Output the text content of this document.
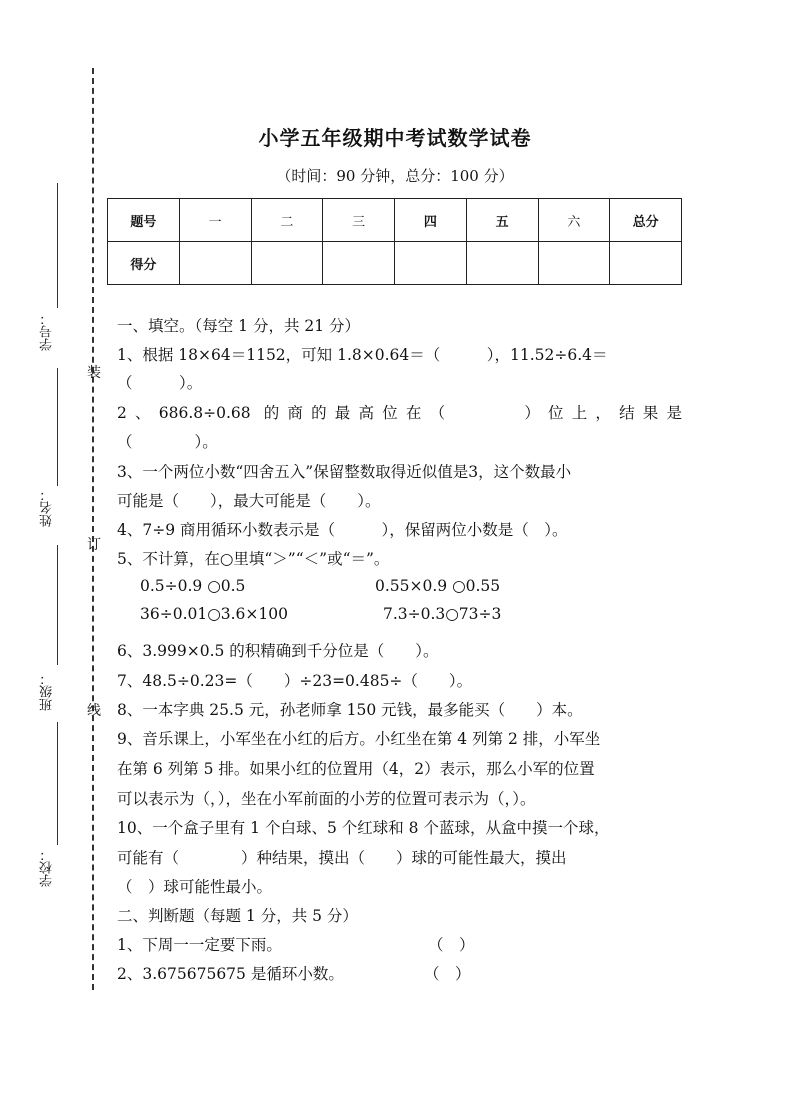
装
订
线
学号：
姓名：
班级：
学校：
小学五年级期中考试数学试卷
（时间：90 分钟，总分：100 分）
题号	一	二	三	四	五	六	总分
得分							
一、填空。（每空 1 分，共 21 分）
1、根据 18×64＝1152，可知 1.8×0.64＝（　　　），11.52÷6.4＝
（　　　）。
2、686.8÷0.68 的商的最高位在（　　　）位上，结果是
（　　　　）。
3、一个两位小数“四舍五入”保留整数取得近似值是3，这个数最小
可能是（　　），最大可能是（　　）。
4、7÷9 商用循环小数表示是（　　　），保留两位小数是（　）。
5、不计算，在○里填“＞”“＜”或“＝”。
0.5÷0.9 ○0.5	0.55×0.9 ○0.55
36÷0.01○3.6×100	7.3÷0.3○73÷3
6、3.999×0.5 的积精确到千分位是（　　）。
7、48.5÷0.23=（　　）÷23=0.485÷（　　）。
8、一本字典 25.5 元，孙老师拿 150 元钱，最多能买（　　）本。
9、音乐课上，小军坐在小红的后方。小红坐在第 4 列第 2 排，小军坐
在第 6 列第 5 排。如果小红的位置用（4，2）表示，那么小军的位置
可以表示为（，），坐在小军前面的小芳的位置可表示为（，）。
10、一个盒子里有 1 个白球、5 个红球和 8 个蓝球，从盒中摸一个球，
可能有（　　　　）种结果，摸出（　　）球的可能性最大，摸出
（　）球可能性最小。
二、判断题（每题 1 分，共 5 分）
1、下周一一定要下雨。	（　）
2、3.675675675 是循环小数。	（　）
